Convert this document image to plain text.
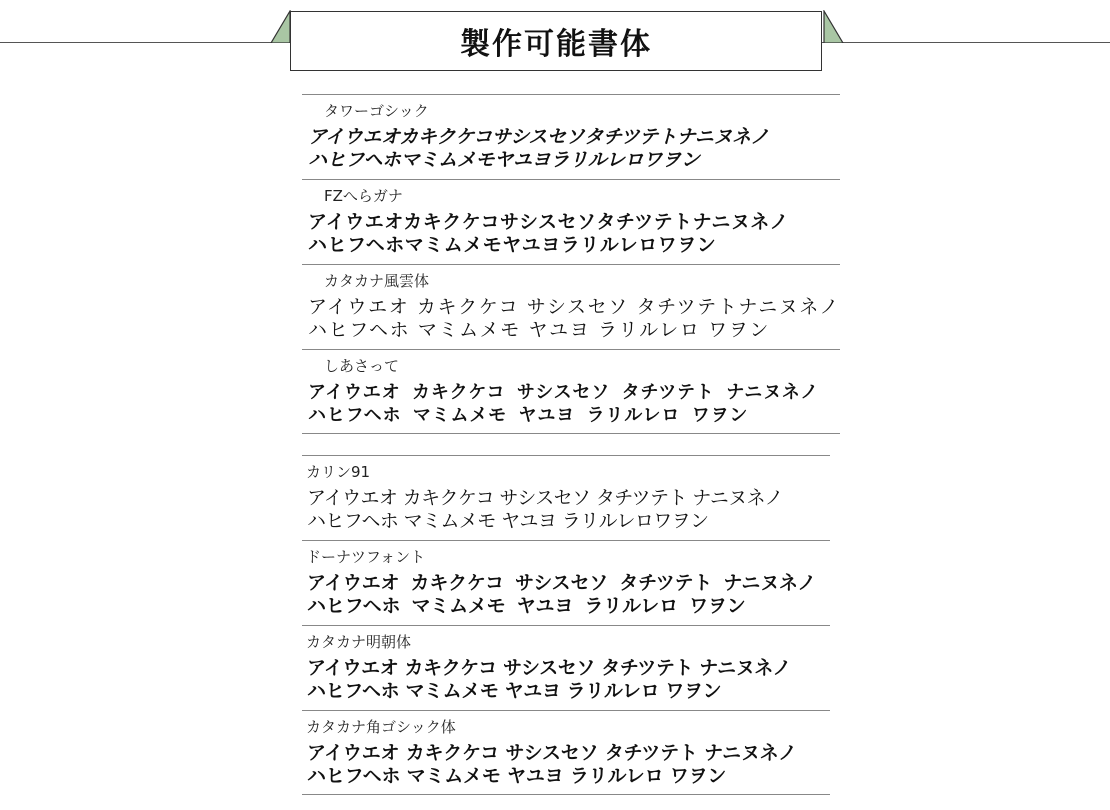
製作可能書体
タワーゴシック
アイウエオカキクケコサシスセソタチツテトナニヌネノ
ハヒフヘホマミムメモヤユヨラリルレロワヲン
FZへらガナ
アイウエオカキクケコサシスセソタチツテトナニヌネノ
ハヒフヘホマミムメモヤユヨラリルレロワヲン
カタカナ風雲体
アイウエオ カキクケコ サシスセソ タチツテトナニヌネノ
ハヒフヘホ マミムメモ ヤユヨ ラリルレロ ワヲン
しあさって
アイウエオ カキクケコ サシスセソ タチツテト ナニヌネノ
ハヒフヘホ マミムメモ ヤユヨ ラリルレロ ワヲン
カリン91
アイウエオ カキクケコ サシスセソ タチツテト ナニヌネノ
ハヒフヘホ マミムメモ ヤユヨ ラリルレロワヲン
ドーナツフォント
アイウエオ カキクケコ サシスセソ タチツテト ナニヌネノ
ハヒフヘホ マミムメモ ヤユヨ ラリルレロ ワヲン
カタカナ明朝体
アイウエオ カキクケコ サシスセソ タチツテト ナニヌネノ
ハヒフヘホ マミムメモ ヤユヨ ラリルレロ ワヲン
カタカナ角ゴシック体
アイウエオ カキクケコ サシスセソ タチツテト ナニヌネノ
ハヒフヘホ マミムメモ ヤユヨ ラリルレロ ワヲン
